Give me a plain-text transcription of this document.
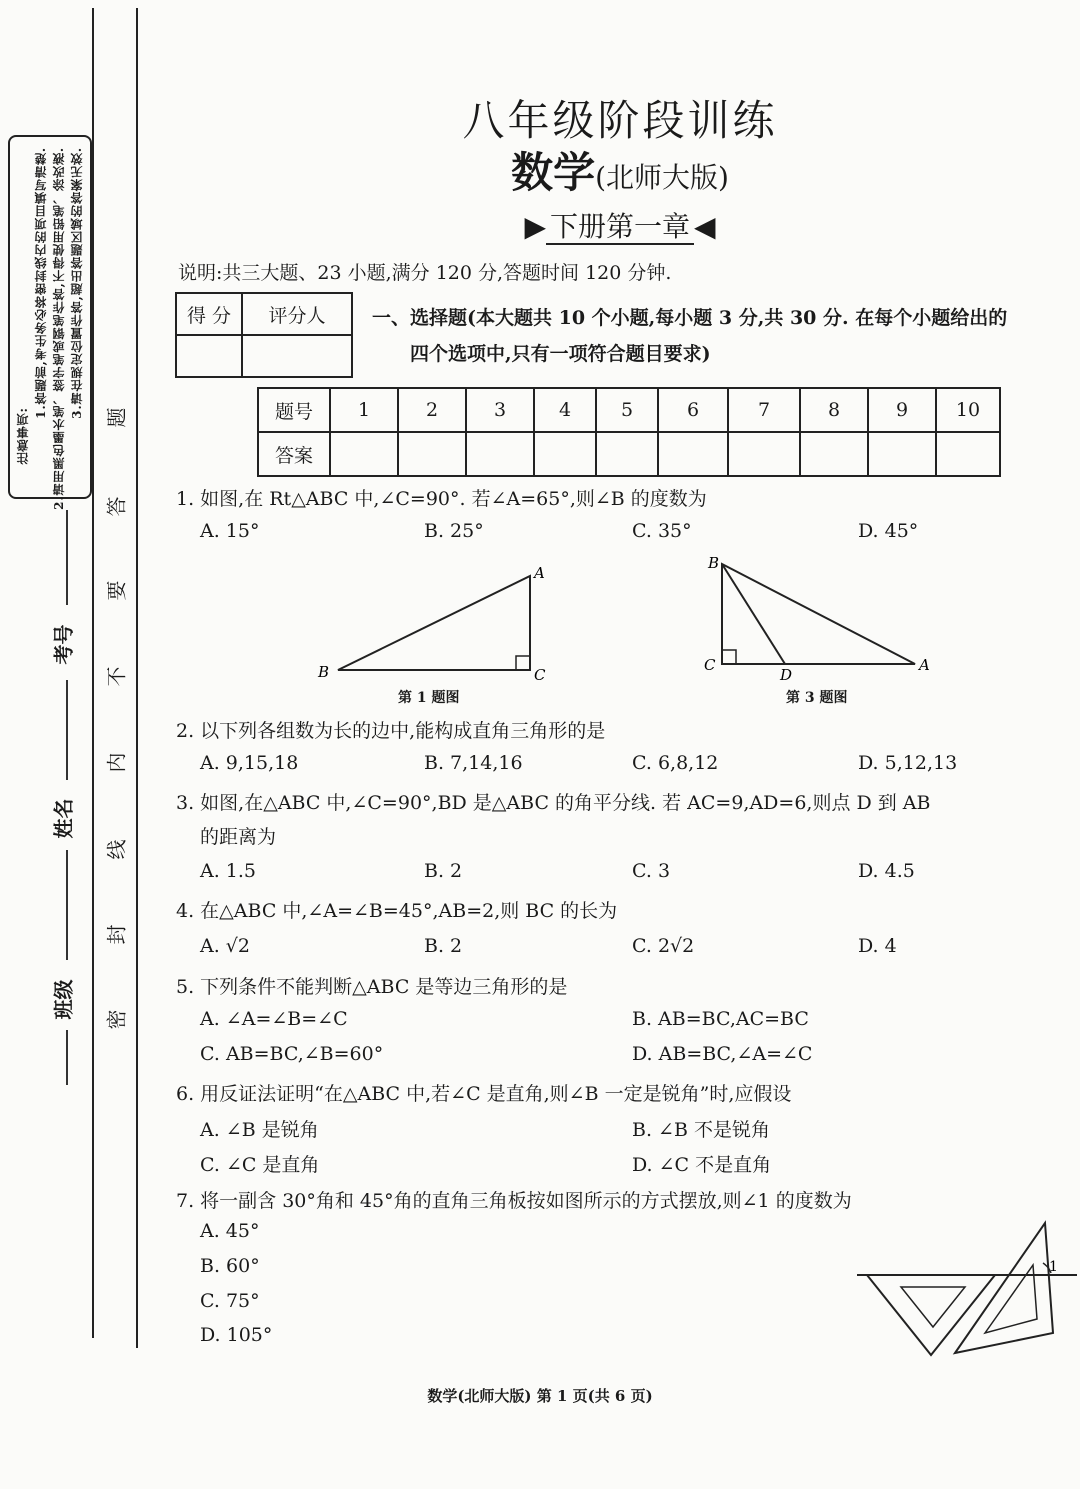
注意事项:
1.答题前,考生务必将密封线内的项目填写清楚. 2.请用黑色墨水笔、签字笔或钢笔作答,不得使用铅笔、涂改液. 3.请在规定位置作答,超出答题区域的答案无效.
密
封
线
内
不
要
答
题
考号
姓名
班级
八年级阶段训练
数学(北师大版)
▶ 下册第一章 ◀
说明:共三大题、23 小题,满分 120 分,答题时间 120 分钟.
得 分	评分人
	一、选择题(本大题共 10 个小题,每小题 3 分,共 30 分. 在每个小题给出的
四个选项中,只有一项符合题目要求)
题号	1	2	3	4	5	6	7	8	9	10
答案										
1. 如图,在 Rt△ABC 中,∠C=90°. 若∠A=65°,则∠B 的度数为
A. 15°	B. 25°	C. 35°	D. 45°
A
B	C
第 1 题图
B
C
D
A
第 3 题图
2. 以下列各组数为长的边中,能构成直角三角形的是
A. 9,15,18	B. 7,14,16	C. 6,8,12	D. 5,12,13
3. 如图,在△ABC 中,∠C=90°,BD 是△ABC 的角平分线. 若 AC=9,AD=6,则点 D 到 AB
的距离为
A. 1.5	B. 2	C. 3	D. 4.5
4. 在△ABC 中,∠A=∠B=45°,AB=2,则 BC 的长为
A. √2	B. 2	C. 2√2	D. 4
5. 下列条件不能判断△ABC 是等边三角形的是
A. ∠A=∠B=∠C	B. AB=BC,AC=BC
C. AB=BC,∠B=60°	D. AB=BC,∠A=∠C
6. 用反证法证明“在△ABC 中,若∠C 是直角,则∠B 一定是锐角”时,应假设
A. ∠B 是锐角	B. ∠B 不是锐角
C. ∠C 是直角	D. ∠C 不是直角
7. 将一副含 30°角和 45°角的直角三角板按如图所示的方式摆放,则∠1 的度数为
A. 45°
B. 60°
C. 75°
D. 105°
1
数学(北师大版) 第 1 页(共 6 页)
